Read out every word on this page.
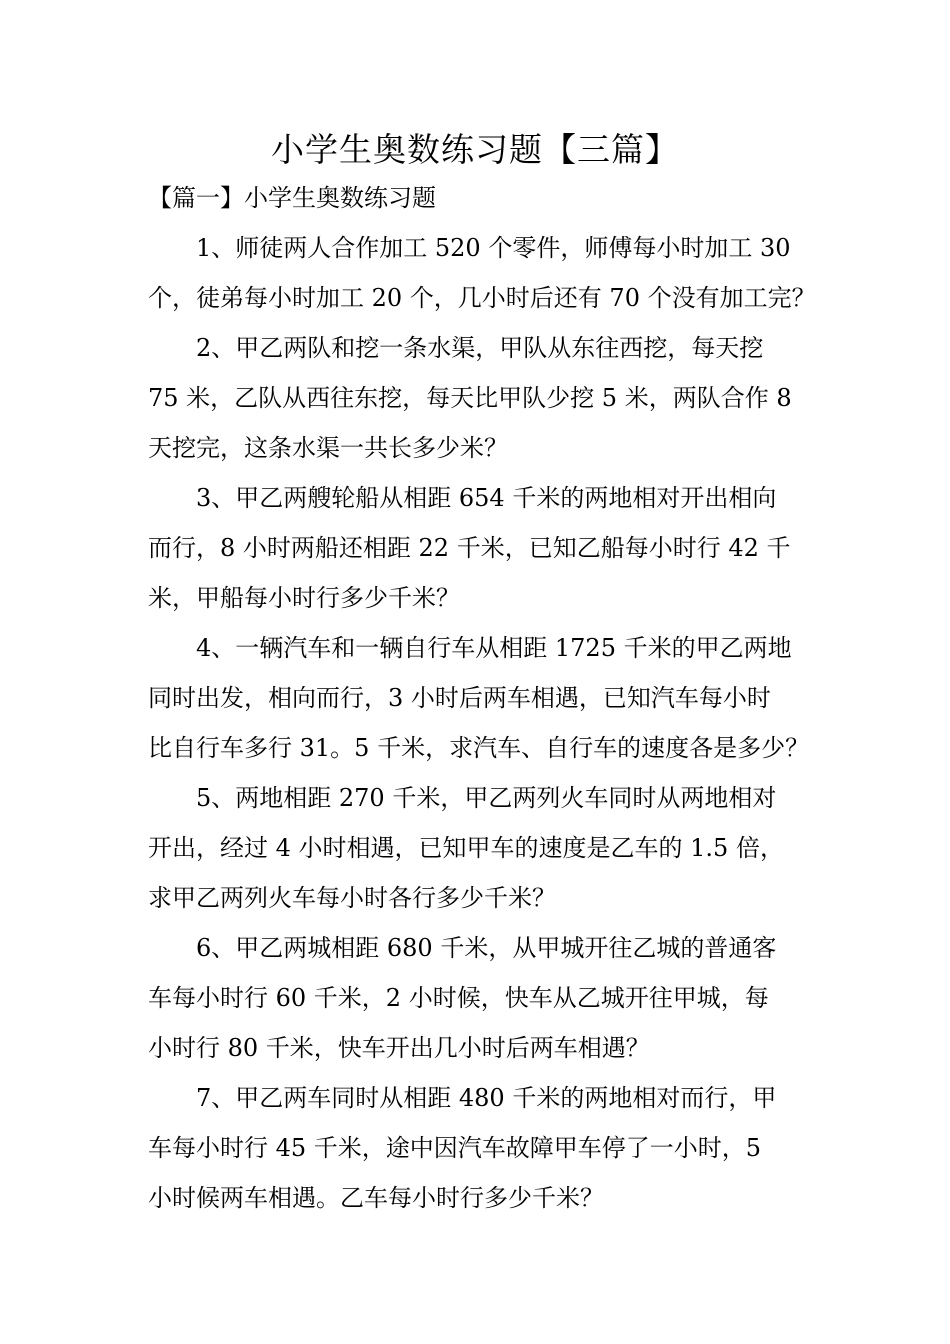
小学生奥数练习题【三篇】
【篇一】小学生奥数练习题
1、师徒两人合作加工 520 个零件，师傅每小时加工 30
个，徒弟每小时加工 20 个，几小时后还有 70 个没有加工完？
2、甲乙两队和挖一条水渠，甲队从东往西挖，每天挖
75 米，乙队从西往东挖，每天比甲队少挖 5 米，两队合作 8
天挖完，这条水渠一共长多少米？
3、甲乙两艘轮船从相距 654 千米的两地相对开出相向
而行，8 小时两船还相距 22 千米，已知乙船每小时行 42 千
米，甲船每小时行多少千米？
4、一辆汽车和一辆自行车从相距 1725 千米的甲乙两地
同时出发，相向而行，3 小时后两车相遇，已知汽车每小时
比自行车多行 31。5 千米，求汽车、自行车的速度各是多少？
5、两地相距 270 千米，甲乙两列火车同时从两地相对
开出，经过 4 小时相遇，已知甲车的速度是乙车的 1.5 倍，
求甲乙两列火车每小时各行多少千米？
6、甲乙两城相距 680 千米，从甲城开往乙城的普通客
车每小时行 60 千米，2 小时候，快车从乙城开往甲城，每
小时行 80 千米，快车开出几小时后两车相遇？
7、甲乙两车同时从相距 480 千米的两地相对而行，甲
车每小时行 45 千米，途中因汽车故障甲车停了一小时，5
小时候两车相遇。乙车每小时行多少千米？
